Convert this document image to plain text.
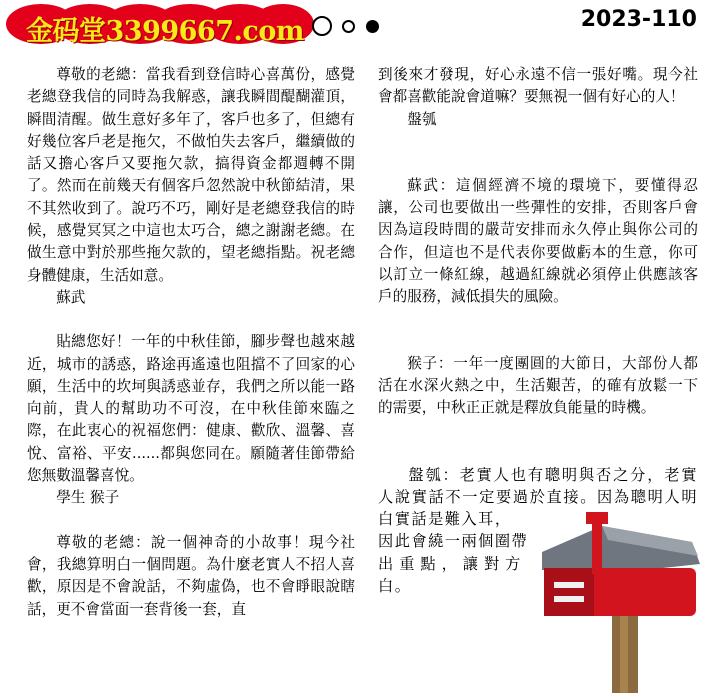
金码堂3399667.com	2023-110

尊敬的老總：當我看到登信時心喜萬份，感覺老總登我信的同時為我解惑，讓我瞬間醍醐灌頂，瞬間清醒。做生意好多年了，客戶也多了，但總有好幾位客戶老是拖欠，不做怕失去客戶，繼續做的話又擔心客戶又要拖欠款，搞得資金都週轉不開了。然而在前幾天有個客戶忽然說中秋節結清，果不其然收到了。說巧不巧，剛好是老總登我信的時候，感覺冥冥之中這也太巧合，總之謝謝老總。在做生意中對於那些拖欠款的，望老總指點。祝老總身體健康，生活如意。

蘇武

貼總您好！一年的中秋佳節，腳步聲也越來越近，城市的誘惑，路途再遙遠也阻擋不了回家的心願，生活中的坎坷與誘惑並存，我們之所以能一路向前，貴人的幫助功不可沒，在中秋佳節來臨之際，在此衷心的祝福您們：健康、歡欣、溫馨、喜悅、富裕、平安......都與您同在。願隨著佳節帶給您無數溫馨喜悅。

學生 猴子

尊敬的老總：說一個神奇的小故事！現今社會，我總算明白一個問題。為什麼老實人不招人喜歡，原因是不會說話，不夠虛偽，也不會睜眼說瞎話，更不會當面一套背後一套，直

到後來才發現，好心永遠不信一張好嘴。現今社會都喜歡能說會道嘛？要無視一個有好心的人！

盤瓠

蘇武：這個經濟不境的環境下，要懂得忍讓，公司也要做出一些彈性的安排，否則客戶會因為這段時間的嚴苛安排而永久停止與你公司的合作，但這也不是代表你要做虧本的生意，你可以訂立一條紅線，越過紅線就必須停止供應該客戶的服務，減低損失的風險。

猴子：一年一度團圓的大節日，大部份人都活在水深火熱之中，生活艱苦，的確有放鬆一下的需要，中秋正正就是釋放負能量的時機。

盤瓠：老實人也有聰明與否之分，老實人說實話不一定要過於直接。因為聰明人明白實話是難入耳，

因此會繞一兩個圈帶

出重點，讓對方

白。
